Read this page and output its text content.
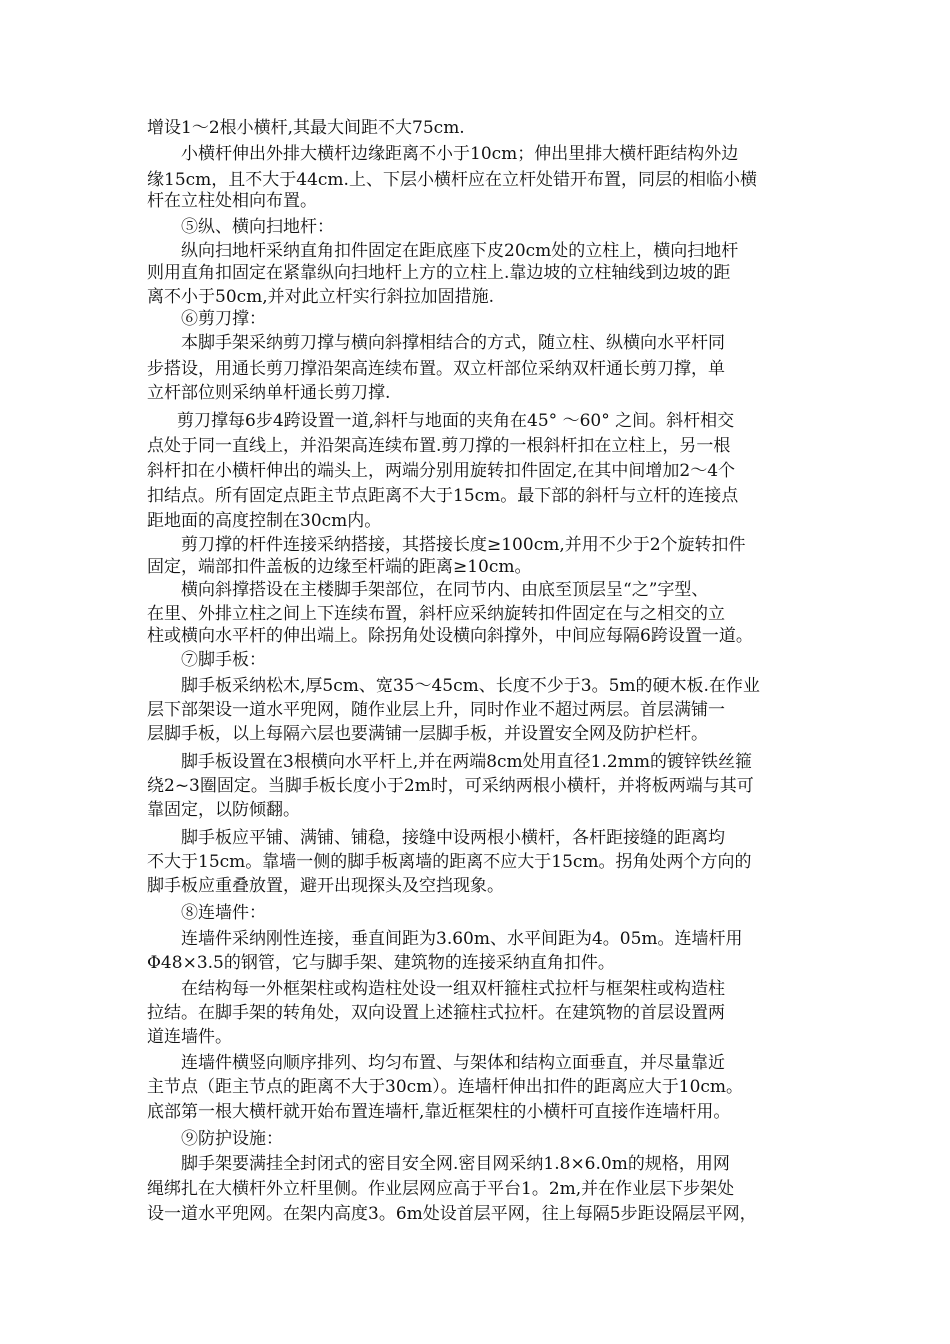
增设1～2根小横杆,其最大间距不大75cm.
小横杆伸出外排大横杆边缘距离不小于10cm；伸出里排大横杆距结构外边
缘15cm，且不大于44cm.上、下层小横杆应在立杆处错开布置，同层的相临小横
杆在立柱处相向布置。
⑤纵、横向扫地杆：
纵向扫地杆采纳直角扣件固定在距底座下皮20cm处的立柱上，横向扫地杆
则用直角扣固定在紧靠纵向扫地杆上方的立柱上.靠边坡的立柱轴线到边坡的距
离不小于50cm,并对此立杆实行斜拉加固措施.
⑥剪刀撑：
本脚手架采纳剪刀撑与横向斜撑相结合的方式，随立柱、纵横向水平杆同
步搭设，用通长剪刀撑沿架高连续布置。双立杆部位采纳双杆通长剪刀撑，单
立杆部位则采纳单杆通长剪刀撑.
剪刀撑每6步4跨设置一道,斜杆与地面的夹角在45° ～60° 之间。斜杆相交
点处于同一直线上，并沿架高连续布置.剪刀撑的一根斜杆扣在立柱上，另一根
斜杆扣在小横杆伸出的端头上，两端分别用旋转扣件固定,在其中间增加2～4个
扣结点。所有固定点距主节点距离不大于15cm。最下部的斜杆与立杆的连接点
距地面的高度控制在30cm内。
剪刀撑的杆件连接采纳搭接，其搭接长度≥100cm,并用不少于2个旋转扣件
固定，端部扣件盖板的边缘至杆端的距离≥10cm。
横向斜撑搭设在主楼脚手架部位，在同节内、由底至顶层呈“之”字型、
在里、外排立柱之间上下连续布置，斜杆应采纳旋转扣件固定在与之相交的立
柱或横向水平杆的伸出端上。除拐角处设横向斜撑外，中间应每隔6跨设置一道。
⑦脚手板：
脚手板采纳松木,厚5cm、宽35～45cm、长度不少于3。5m的硬木板.在作业
层下部架设一道水平兜网，随作业层上升，同时作业不超过两层。首层满铺一
层脚手板，以上每隔六层也要满铺一层脚手板，并设置安全网及防护栏杆。
脚手板设置在3根横向水平杆上,并在两端8cm处用直径1.2mm的镀锌铁丝箍
绕2~3圈固定。当脚手板长度小于2m时，可采纳两根小横杆，并将板两端与其可
靠固定，以防倾翻。
脚手板应平铺、满铺、铺稳，接缝中设两根小横杆，各杆距接缝的距离均
不大于15cm。靠墙一侧的脚手板离墙的距离不应大于15cm。拐角处两个方向的
脚手板应重叠放置，避开出现探头及空挡现象。
⑧连墙件：
连墙件采纳刚性连接，垂直间距为3.60m、水平间距为4。05m。连墙杆用
Φ48×3.5的钢管，它与脚手架、建筑物的连接采纳直角扣件。
在结构每一外框架柱或构造柱处设一组双杆箍柱式拉杆与框架柱或构造柱
拉结。在脚手架的转角处，双向设置上述箍柱式拉杆。在建筑物的首层设置两
道连墙件。
连墙件横竖向顺序排列、均匀布置、与架体和结构立面垂直，并尽量靠近
主节点（距主节点的距离不大于30cm）。连墙杆伸出扣件的距离应大于10cm。
底部第一根大横杆就开始布置连墙杆,靠近框架柱的小横杆可直接作连墙杆用。
⑨防护设施：
脚手架要满挂全封闭式的密目安全网.密目网采纳1.8×6.0m的规格，用网
绳绑扎在大横杆外立杆里侧。作业层网应高于平台1。2m,并在作业层下步架处
设一道水平兜网。在架内高度3。6m处设首层平网，往上每隔5步距设隔层平网，
